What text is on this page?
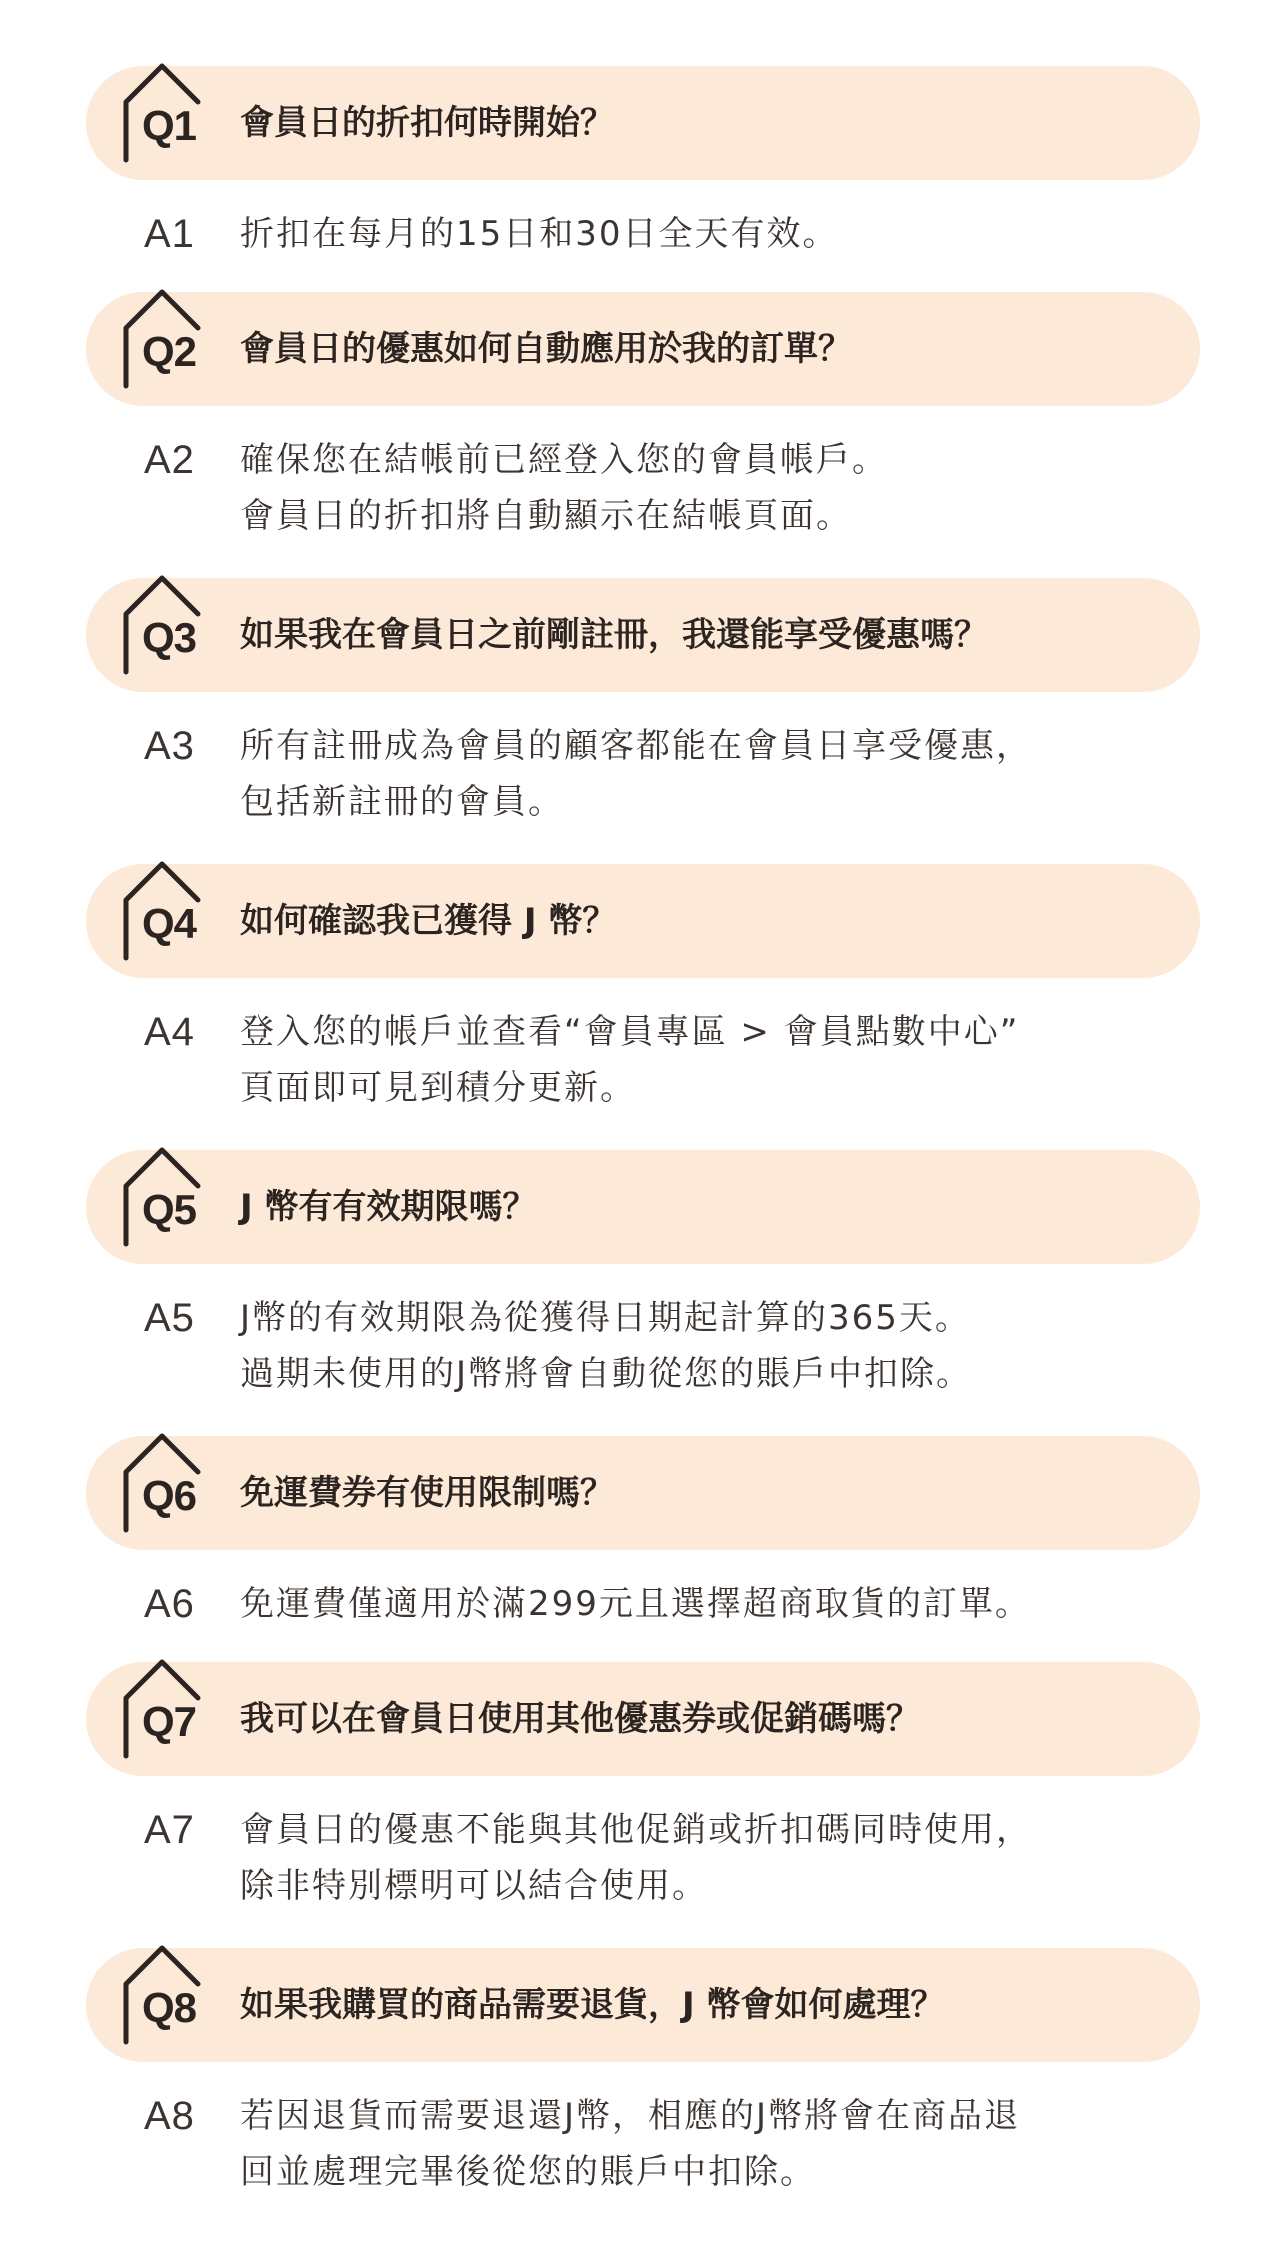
Q1 會員日的折扣何時開始？
A1 折扣在每月的15日和30日全天有效。
Q2 會員日的優惠如何自動應用於我的訂單？
A2 確保您在結帳前已經登入您的會員帳戶。
會員日的折扣將自動顯示在結帳頁面。
Q3 如果我在會員日之前剛註冊，我還能享受優惠嗎？
A3 所有註冊成為會員的顧客都能在會員日享受優惠，
包括新註冊的會員。
Q4 如何確認我已獲得 J 幣？
A4 登入您的帳戶並查看“會員專區 > 會員點數中心”
頁面即可見到積分更新。
Q5 J 幣有有效期限嗎？
A5 J幣的有效期限為從獲得日期起計算的365天。
過期未使用的J幣將會自動從您的賬戶中扣除。
Q6 免運費券有使用限制嗎？
A6 免運費僅適用於滿299元且選擇超商取貨的訂單。
Q7 我可以在會員日使用其他優惠券或促銷碼嗎？
A7 會員日的優惠不能與其他促銷或折扣碼同時使用，
除非特別標明可以結合使用。
Q8 如果我購買的商品需要退貨，J 幣會如何處理？
A8 若因退貨而需要退還J幣，相應的J幣將會在商品退
回並處理完畢後從您的賬戶中扣除。
